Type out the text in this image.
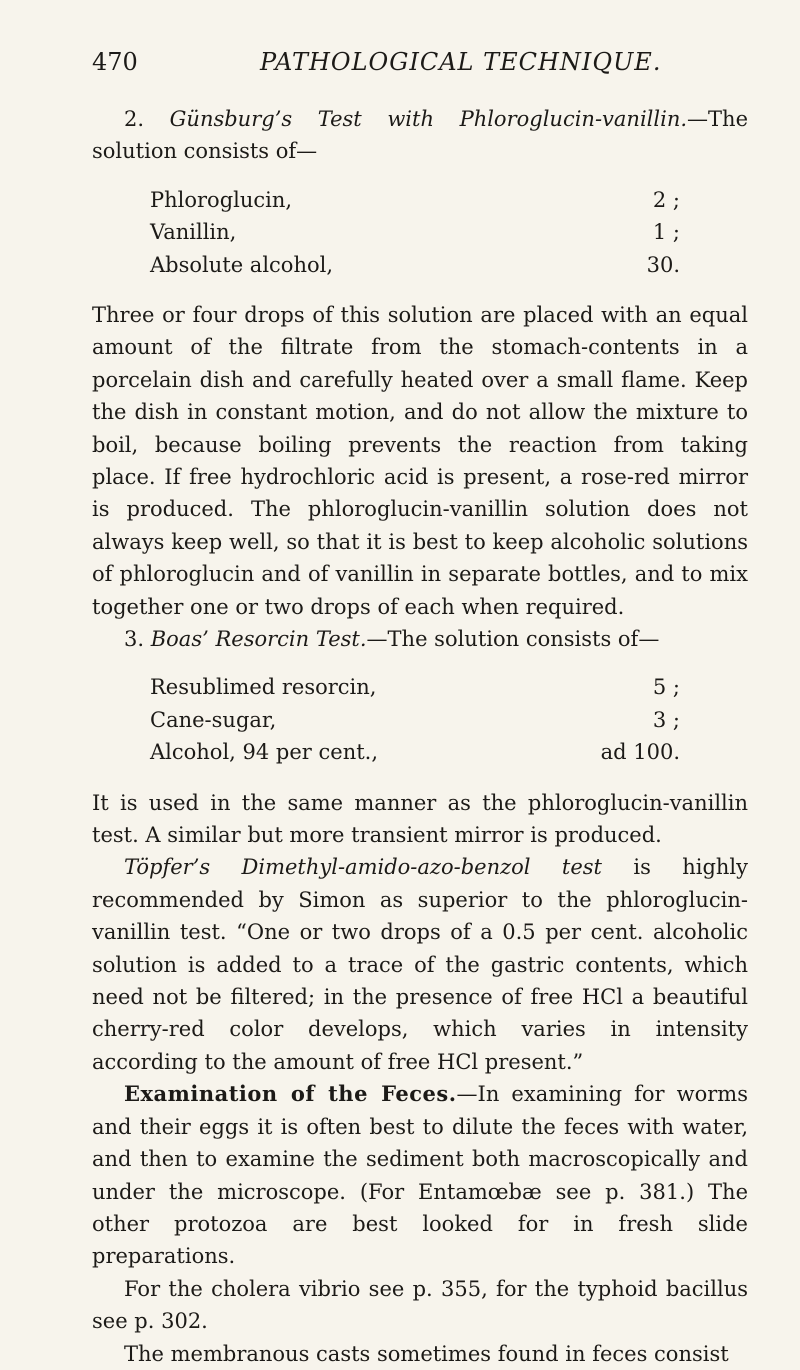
470	PATHOLOGICAL TECHNIQUE.

2. Günsburg’s Test with Phloroglucin-vanillin.—The solution consists of—

Phloroglucin,	2 ;
Vanillin,	1 ;
Absolute alcohol,	30.

Three or four drops of this solution are placed with an equal amount of the filtrate from the stomach-contents in a porcelain dish and carefully heated over a small flame. Keep the dish in constant motion, and do not allow the mixture to boil, because boiling prevents the reaction from taking place. If free hydrochloric acid is present, a rose-red mirror is produced. The phloroglucin-vanillin solution does not always keep well, so that it is best to keep alcoholic solutions of phloroglucin and of vanillin in separate bottles, and to mix together one or two drops of each when required.

3. Boas’ Resorcin Test.—The solution consists of—

Resublimed resorcin,	5 ;
Cane-sugar,	3 ;
Alcohol, 94 per cent.,	ad 100.

It is used in the same manner as the phloroglucin-vanillin test. A similar but more transient mirror is produced.
Töpfer’s Dimethyl-amido-azo-benzol test is highly recommended by Simon as superior to the phloroglucin-vanillin test. “One or two drops of a 0.5 per cent. alcoholic solution is added to a trace of the gastric contents, which need not be filtered; in the presence of free HCl a beautiful cherry-red color develops, which varies in intensity according to the amount of free HCl present.”

Examination of the Feces.—In examining for worms and their eggs it is often best to dilute the feces with water, and then to examine the sediment both macroscopically and under the microscope. (For Entamœbæ see p. 381.) The other protozoa are best looked for in fresh slide preparations.

For the cholera vibrio see p. 355, for the typhoid bacillus see p. 302.

The membranous casts sometimes found in feces consist
